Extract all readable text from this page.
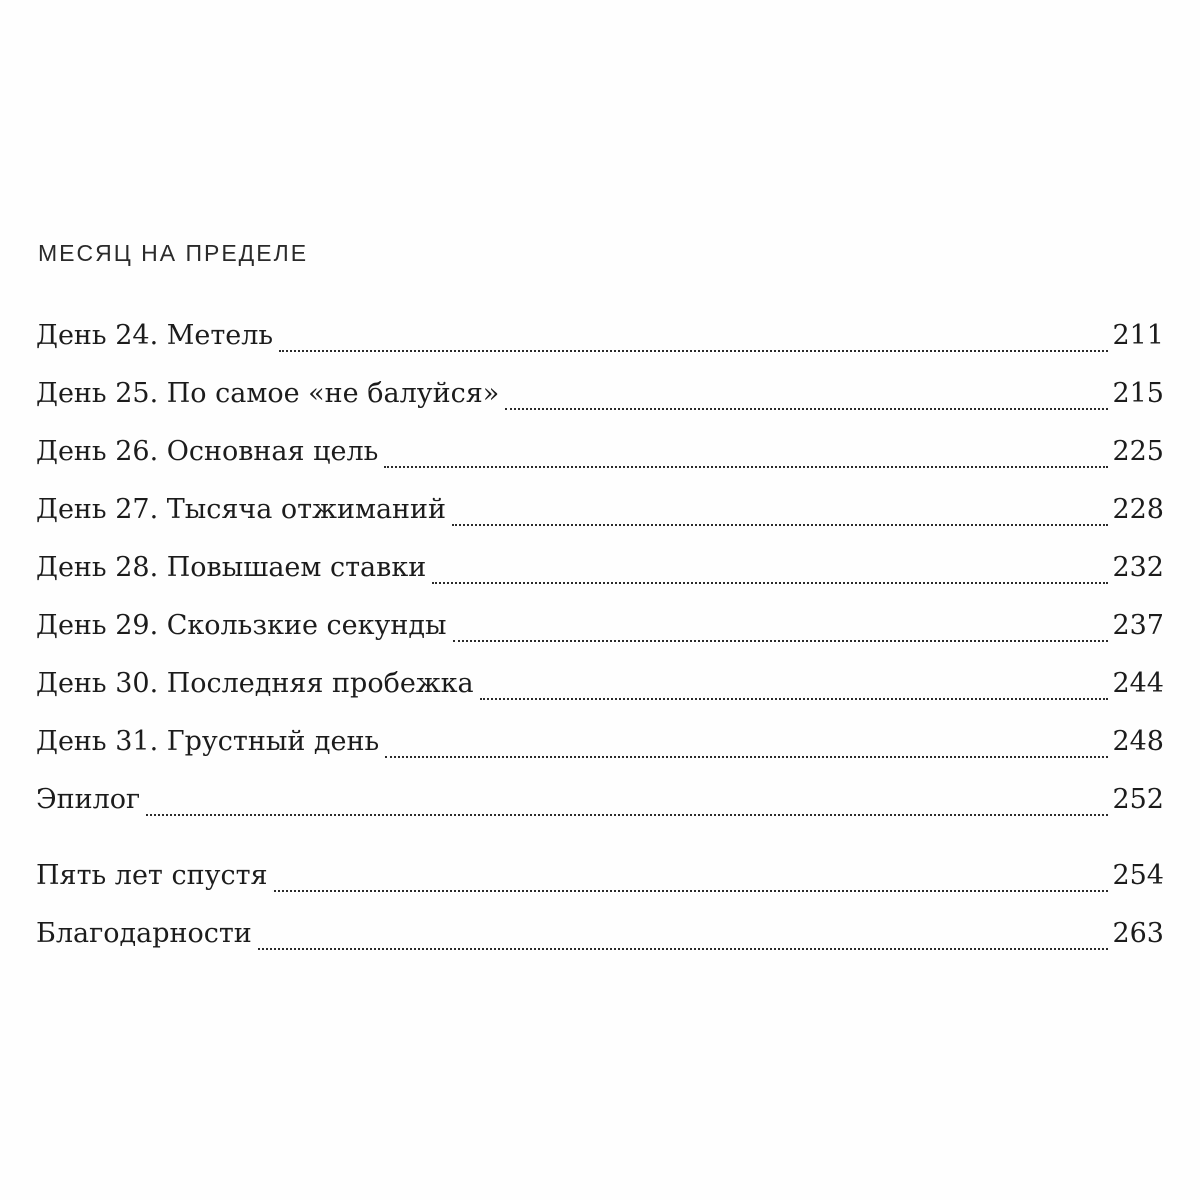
МЕСЯЦ НА ПРЕДЕЛЕ
День 24. Метель	211
День 25. По самое «не балуйся»	215
День 26. Основная цель	225
День 27. Тысяча отжиманий	228
День 28. Повышаем ставки	232
День 29. Скользкие секунды	237
День 30. Последняя пробежка	244
День 31. Грустный день	248
Эпилог	252
Пять лет спустя	254
Благодарности	263
